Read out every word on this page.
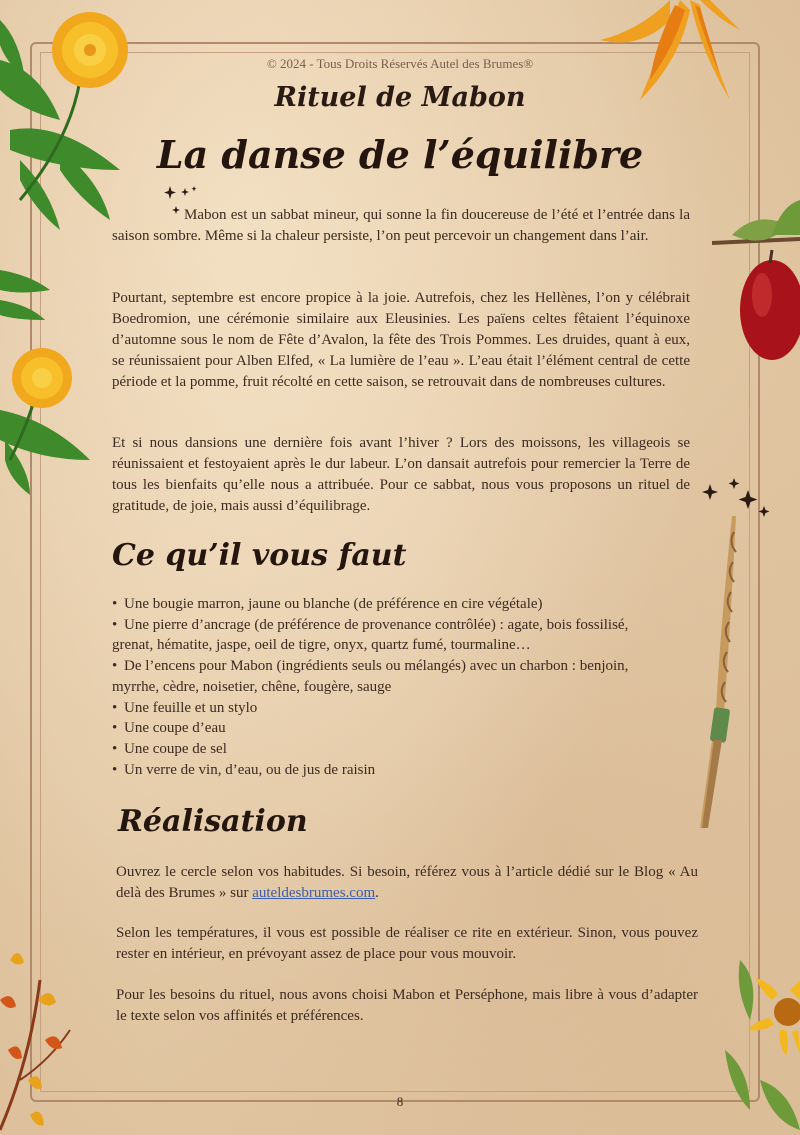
© 2024 - Tous Droits Réservés Autel des Brumes®
Rituel de Mabon
La danse de l’équilibre

Mabon est un sabbat mineur, qui sonne la fin doucereuse de l’été et l’entrée dans la saison sombre. Même si la chaleur persiste, l’on peut percevoir un changement dans l’air.

Pourtant, septembre est encore propice à la joie. Autrefois, chez les Hellènes, l’on y célébrait Boedromion, une cérémonie similaire aux Eleusinies. Les païens celtes fêtaient l’équinoxe d’automne sous le nom de Fête d’Avalon, la fête des Trois Pommes. Les druides, quant à eux, se réunissaient pour Alben Elfed, « La lumière de l’eau ». L’eau était l’élément central de cette période et la pomme, fruit récolté en cette saison, se retrouvait dans de nombreuses cultures.

Et si nous dansions une dernière fois avant l’hiver ? Lors des moissons, les villageois se réunissaient et festoyaient après le dur labeur. L’on dansait autrefois pour remercier la Terre de tous les bienfaits qu’elle nous a attribuée. Pour ce sabbat, nous vous proposons un rituel de gratitude, de joie, mais aussi d’équilibrage.

Ce qu’il vous faut
• Une bougie marron, jaune ou blanche (de préférence en cire végétale)
• Une pierre d’ancrage (de préférence de provenance contrôlée) : agate, bois fossilisé, grenat, hématite, jaspe, oeil de tigre, onyx, quartz fumé, tourmaline…
• De l’encens pour Mabon (ingrédients seuls ou mélangés) avec un charbon : benjoin, myrrhe, cèdre, noisetier, chêne, fougère, sauge
• Une feuille et un stylo
• Une coupe d’eau
• Une coupe de sel
• Un verre de vin, d’eau, ou de jus de raisin
Réalisation

Ouvrez le cercle selon vos habitudes. Si besoin, référez vous à l’article dédié sur le Blog « Au delà des Brumes » sur auteldesbrumes.com.

Selon les températures, il vous est possible de réaliser ce rite en extérieur. Sinon, vous pouvez rester en intérieur, en prévoyant assez de place pour vous mouvoir.

Pour les besoins du rituel, nous avons choisi Mabon et Perséphone, mais libre à vous d’adapter le texte selon vos affinités et préférences.

8
